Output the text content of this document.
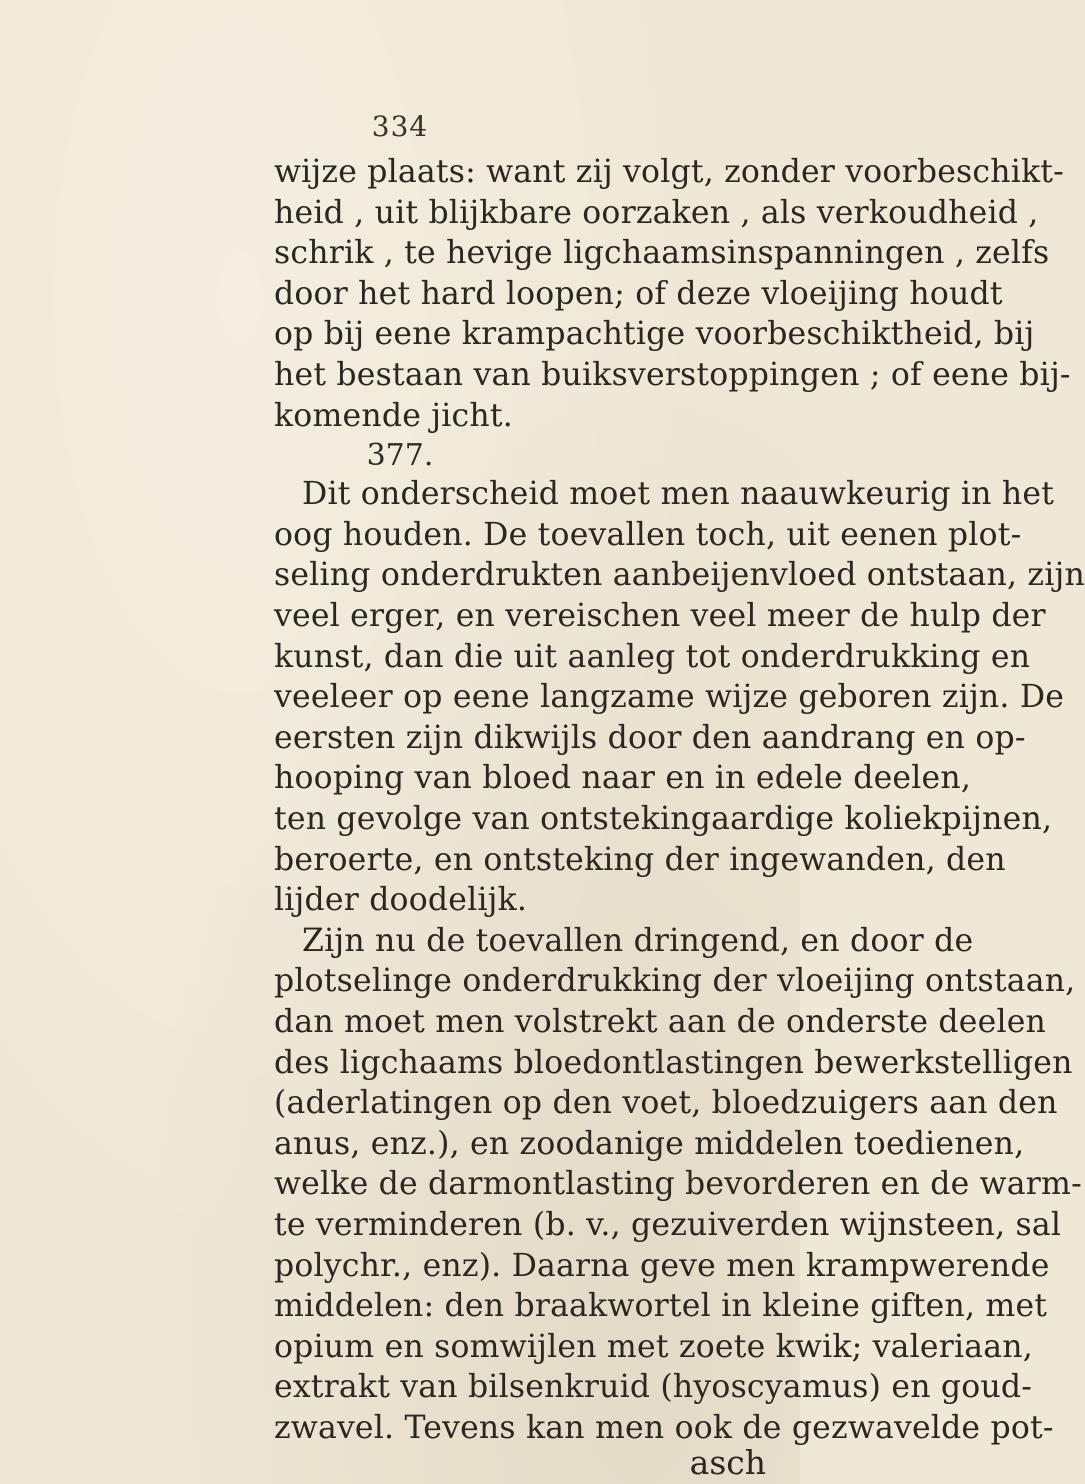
334
wijze plaats: want zij volgt, zonder voorbeschikt-
heid , uit blijkbare oorzaken , als verkoudheid ,
schrik , te hevige ligchaamsinspanningen , zelfs
door het hard loopen; of deze vloeijing houdt
op bij eene krampachtige voorbeschiktheid, bij
het bestaan van buiksverstoppingen ; of eene bij-
komende jicht.
377.
Dit onderscheid moet men naauwkeurig in het
oog houden. De toevallen toch, uit eenen plot-
seling onderdrukten aanbeijenvloed ontstaan, zijn
veel erger, en vereischen veel meer de hulp der
kunst, dan die uit aanleg tot onderdrukking en
veeleer op eene langzame wijze geboren zijn. De
eersten zijn dikwijls door den aandrang en op-
hooping van bloed naar en in edele deelen,
ten gevolge van ontstekingaardige koliekpijnen,
beroerte, en ontsteking der ingewanden, den
lijder doodelijk.
Zijn nu de toevallen dringend, en door de
plotselinge onderdrukking der vloeijing ontstaan,
dan moet men volstrekt aan de onderste deelen
des ligchaams bloedontlastingen bewerkstelligen
(aderlatingen op den voet, bloedzuigers aan den
anus, enz.), en zoodanige middelen toedienen,
welke de darmontlasting bevorderen en de warm-
te verminderen (b. v., gezuiverden wijnsteen, sal
polychr., enz). Daarna geve men krampwerende
middelen: den braakwortel in kleine giften, met
opium en somwijlen met zoete kwik; valeriaan,
extrakt van bilsenkruid (hyoscyamus) en goud-
zwavel. Tevens kan men ook de gezwavelde pot-
asch
